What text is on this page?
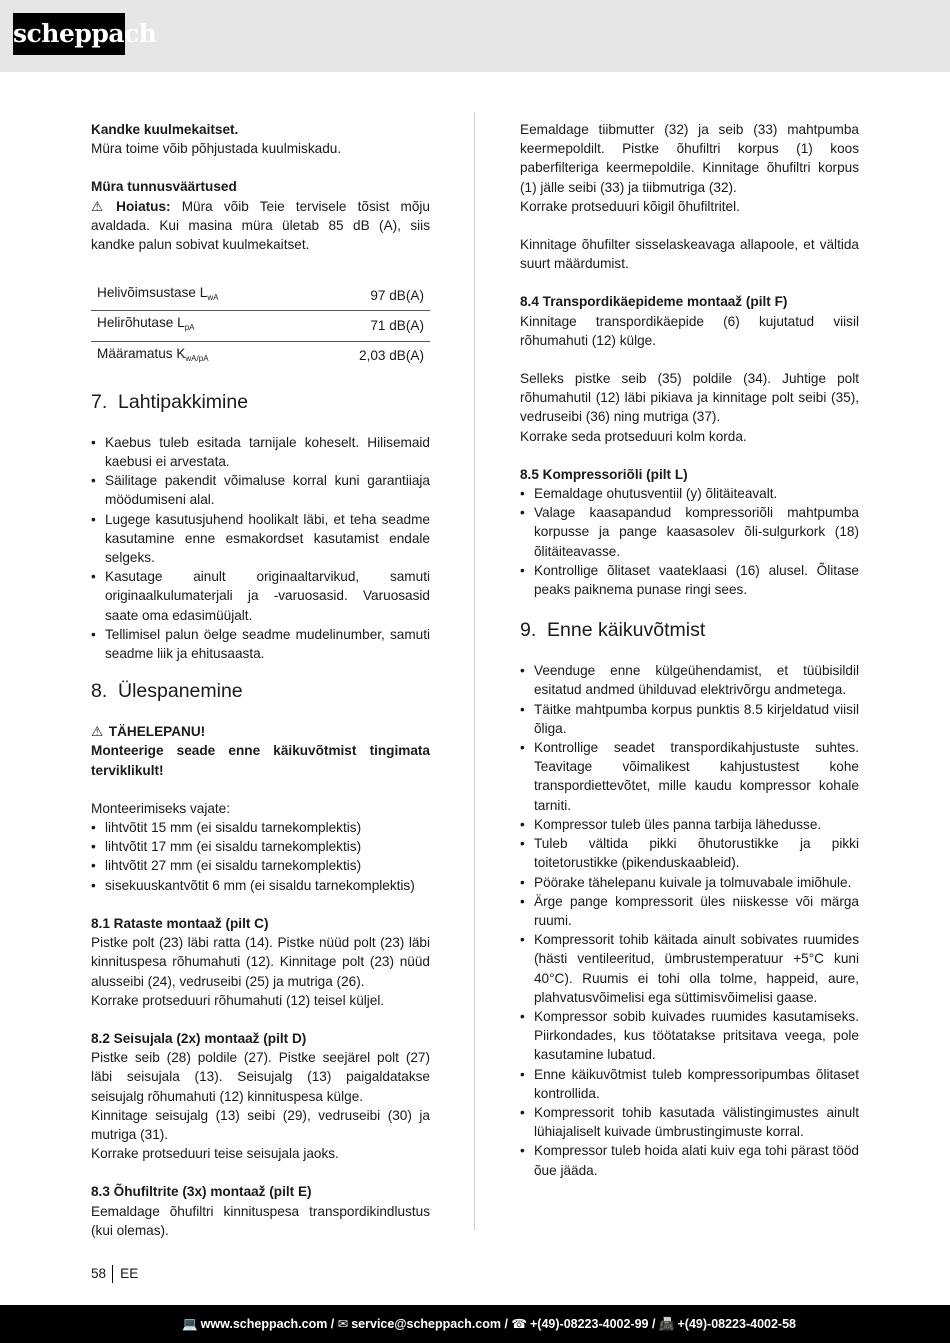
scheppach

Kandke kuulmekaitset.

Müra toime võib põhjustada kuulmiskadu.

Müra tunnusväärtused

⚠ Hoiatus: Müra võib Teie tervisele tõsist mõju avaldada. Kui masina müra ületab 85 dB (A), siis kandke palun sobivat kuulmekaitset.

Helivõimsustase $L_{wA}$	97 dB(A)
Helirõhutase $L_{pA}$	71 dB(A)
Määramatus $K_{wA/pA}$	2,03 dB(A)
7. Lahtipakkimine
• Kaebus tuleb esitada tarnijale koheselt. Hilisemaid kaebusi ei arvestata.
• Säilitage pakendit võimaluse korral kuni garantiiaja möödumiseni alal.
• Lugege kasutusjuhend hoolikalt läbi, et teha seadme kasutamine enne esmakordset kasutamist endale selgeks.
• Kasutage ainult originaaltarvikud, samuti originaalkulumaterjali ja -varuosasid. Varuosasid saate oma edasimüüjalt.
• Tellimisel palun öelge seadme mudelinumber, samuti seadme liik ja ehitusaasta.
8. Ülespanemine

⚠ TÄHELEPANU!

Monteerige seade enne käikuvõtmist tingimata terviklikult!

Monteerimiseks vajate:

• lihtvõtit 15 mm (ei sisaldu tarnekomplektis)
• lihtvõtit 17 mm (ei sisaldu tarnekomplektis)
• lihtvõtit 27 mm (ei sisaldu tarnekomplektis)
• sisekuuskantvõtit 6 mm (ei sisaldu tarnekomplektis)

8.1 Rataste montaaž (pilt C)

Pistke polt (23) läbi ratta (14). Pistke nüüd polt (23) läbi kinnituspesa rõhumahuti (12). Kinnitage polt (23) nüüd alusseibi (24), vedruseibi (25) ja mutriga (26).

Korrake protseduuri rõhumahuti (12) teisel küljel.

8.2 Seisujala (2x) montaaž (pilt D)

Pistke seib (28) poldile (27). Pistke seejärel polt (27) läbi seisujala (13). Seisujalg (13) paigaldatakse seisujalg rõhumahuti (12) kinnituspesa külge.

Kinnitage seisujalg (13) seibi (29), vedruseibi (30) ja mutriga (31).

Korrake protseduuri teise seisujala jaoks.

8.3 Õhufiltrite (3x) montaaž (pilt E)

Eemaldage õhufiltri kinnituspesa transpordikindlustus (kui olemas).

Eemaldage tiibmutter (32) ja seib (33) mahtpumba keermepoldilt. Pistke õhufiltri korpus (1) koos paberfilteriga keermepoldile. Kinnitage õhufiltri korpus (1) jälle seibi (33) ja tiibmutriga (32).

Korrake protseduuri kõigil õhufiltritel.

Kinnitage õhufilter sisselaskeavaga allapoole, et vältida suurt määrdumist.

8.4 Transpordikäepideme montaaž (pilt F)

Kinnitage transpordikäepide (6) kujutatud viisil rõhumahuti (12) külge.

Selleks pistke seib (35) poldile (34). Juhtige polt rõhumahutil (12) läbi pikiava ja kinnitage polt seibi (35), vedruseibi (36) ning mutriga (37).

Korrake seda protseduuri kolm korda.

8.5 Kompressoriõli (pilt L)

• Eemaldage ohutusventiil (y) õlitäiteavalt.
• Valage kaasapandud kompressoriõli mahtpumba korpusse ja pange kaasasolev õli-sulgurkork (18) õlitäiteavasse.
• Kontrollige õlitaset vaateklaasi (16) alusel. Õlitase peaks paiknema punase ringi sees.
9. Enne käikuvõtmist
• Veenduge enne külgeühendamist, et tüübisildil esitatud andmed ühilduvad elektrivõrgu andmetega.
• Täitke mahtpumba korpus punktis 8.5 kirjeldatud viisil õliga.
• Kontrollige seadet transpordikahjustuste suhtes. Teavitage võimalikest kahjustustest kohe transpordiettevõtet, mille kaudu kompressor kohale tarniti.
• Kompressor tuleb üles panna tarbija lähedusse.
• Tuleb vältida pikki õhutorustikke ja pikki toitetorustikke (pikenduskaableid).
• Pöörake tähelepanu kuivale ja tolmuvabale imiõhule.
• Ärge pange kompressorit üles niiskesse või märga ruumi.
• Kompressorit tohib käitada ainult sobivates ruumides (hästi ventileeritud, ümbrustemperatuur +5°C kuni 40°C). Ruumis ei tohi olla tolme, happeid, aure, plahvatusvõimelisi ega süttimisvõimelisi gaase.
• Kompressor sobib kuivades ruumides kasutamiseks. Piirkondades, kus töötatakse pritsitava veega, pole kasutamine lubatud.
• Enne käikuvõtmist tuleb kompressoripumbas õlitaset kontrollida.
• Kompressorit tohib kasutada välistingimustes ainult lühiajaliselt kuivade ümbrustingimuste korral.
• Kompressor tuleb hoida alati kuiv ega tohi pärast tööd õue jääda.
58 EE
💻 www.scheppach.com / ✉ service@scheppach.com / ☎ +(49)-08223-4002-99 / 📠 +(49)-08223-4002-58
